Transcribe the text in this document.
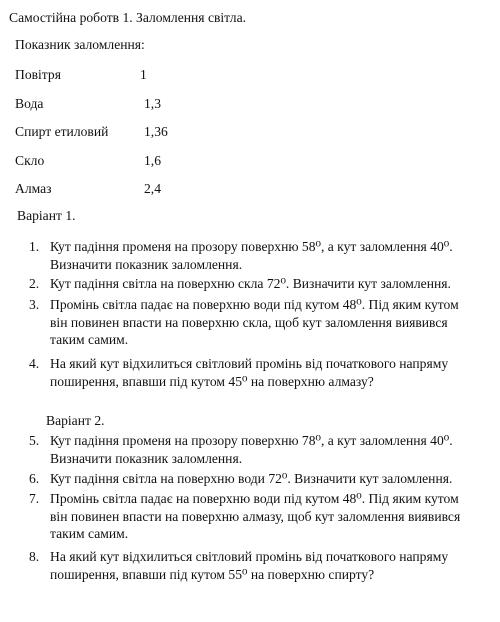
Самостійна роботв 1. Заломлення світла.
Показник заломлення:
Повітря	1
Вода	1,3
Спирт етиловий	1,36
Скло	1,6
Алмаз	2,4
Варіант 1.
1. Кут падіння променя на прозору поверхню 58⁰, а кут заломлення 40⁰.
Визначити показник заломлення.
2. Кут падіння світла на поверхню скла 72⁰. Визначити кут заломлення.
3. Промінь світла падає на поверхню води під кутом 48⁰. Під яким кутом
він повинен впасти на поверхню скла, щоб кут заломлення виявився
таким самим.
4. На який кут відхилиться світловий промінь від початкового напряму
поширення, впавши під кутом 45⁰ на поверхню алмазу?
Варіант 2.
5. Кут падіння променя на прозору поверхню 78⁰, а кут заломлення 40⁰.
Визначити показник заломлення.
6. Кут падіння світла на поверхню води 72⁰. Визначити кут заломлення.
7. Промінь світла падає на поверхню води під кутом 48⁰. Під яким кутом
він повинен впасти на поверхню алмазу, щоб кут заломлення виявився
таким самим.
8. На який кут відхилиться світловий промінь від початкового напряму
поширення, впавши під кутом 55⁰ на поверхню спирту?
